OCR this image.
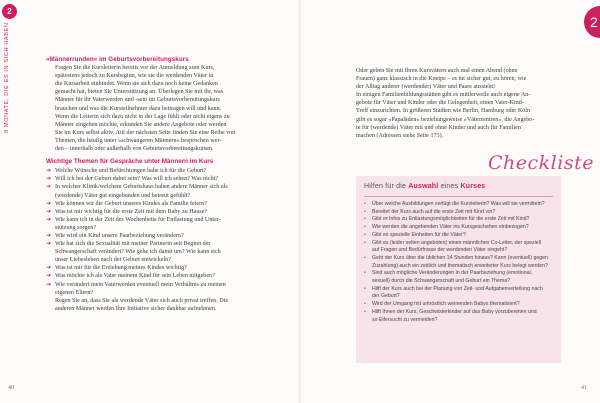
2
9 MONATE, DIE ES IN SICH HABEN	2
»Männerrunden« im Geburtsvorbereitungskurs
Fragen Sie die Kursleiterin bereits vor der Anmeldung zum Kurs,
spätestens jedoch zu Kursbeginn, wie sie die werdenden Väter in
die Kursarbeit einbindet. Wenn sie sich dazu noch keine Gedanken
gemacht hat, bieten Sie Unterstützung an. Überlegen Sie mit ihr, was
Männer für ihr Vaterwerden und -sein im Geburtsvorbereitungskurs
brauchen und was die Kursteilnehmer dazu beitragen will und kann.
Wenn die Leiterin sich dazu nicht in der Lage fühlt oder nicht eigens zu
Männer eingehen möchte, erkunden Sie andere Angebote oder werden
Sie im Kurs selbst aktiv. Auf der nächsten Seite finden Sie eine Reihe von
Themen, die häufig unter »schwangeren Männern« besprochen wer-
den – innerhalb oder außerhalb von Geburtsvorbereitungskursen.
Wichtige Themen für Gespräche unter Männern im Kurs
➔ Welche Wünsche und Befürchtungen habe ich für die Geburt?
➔ Will ich bei der Geburt dabei sein? Was will ich sehen? Was nicht?
➔ In welcher Klinik/welchem Geburtshaus haben andere Männer sich als
(werdende) Väter gut eingebunden und betreut gefühlt?
➔ Wie können wir die Geburt unseres Kindes als Familie feiern?
➔ Was ist mir wichtig für die erste Zeit mit dem Baby zu Hause?
➔ Wie kann ich in der Zeit des Wochenbetts für Entlastung und Unter-
stützung sorgen?
➔ Wie wird ein Kind unsere Paarbeziehung verändern?
➔ Wie hat sich die Sexualität mit meiner Partnerin seit Beginn der
Schwangerschaft verändert? Wie gehe ich damit um? Wie kann sich
unser Liebesleben nach der Geburt entwickeln?
➔ Was ist mir für die Erziehung meines Kindes wichtig?
➔ Was möchte ich als Vater meinem Kind für sein Leben mitgeben?
➔ Wie verändert mein Vaterwerden eventuell mein Verhältnis zu meinen
eigenen Eltern?
Regen Sie an, dass Sie als werdende Väter sich auch privat treffen. Die
anderen Männer werden Ihre Initiative sicher dankbar aufnehmen.
Oder geben Sie mit Ihren Kursvätern auch mal einen Abend (ohne
Frauen) ganz klassisch in die Kneipe – es tut sicher gut, zu hören, wie
der Alltag anderer (werdender) Väter und Paare aussieht!
In einigen Familienbildungsstätten gibt es mittlerweile auch eigene An-
gebote für Väter und Kinder oder die Gelegenheit, einen Vater-Kind-
Treff einzurichten. In größeren Städten wie Berlin, Hamburg oder Köln
gibt es sogar »Papaläden« beziehungsweise »Väterzentren«, die Angebo-
te für (werdende) Väter mit und ohne Kinder und auch für Familien
machen (Adressen siehe Seite 173).
Checkliste
Hilfen für die Auswahl eines Kurses
• Über welche Ausbildungen verfügt die Kursleiterin? Was will sie vermitteln?
• Bereitet der Kurs auch auf die erste Zeit mit Kind vor?
• Gibt er Infos zu Entlastungsmöglichkeiten für die erste Zeit mit Kind?
• Wie werden die angehenden Väter ins Kursgeschehen einbezogen?
• Gibt es spezielle Einheiten für die Väter?
• Gibt es (leider selten angeboten) einen männlichen Co-Leiter, der speziell
auf Fragen und Bedürfnisse der werdenden Väter eingeht?
• Geht der Kurs über die üblichen 14 Stunden hinaus? Kann (eventuell) gegen
Zuzahlung) auch ein zeitlich und thematisch erweiterter Kurs belegt werden?
• Sind auch mögliche Veränderungen in der Paarbeziehung (emotional,
sexuell) durch die Schwangerschaft und Geburt ein Thema?
• Hilft der Kurs auch bei der Planung von Zeit- und Aufgabenverteilung nach
der Geburt?
• Wird der Umgang mit untröstlich weinenden Babys thematisiert?
• Hilft Ihnen der Kurs, Geschwisterkinder auf das Baby vorzubereiten und
so Eifersucht zu vermeiden?
40	41
